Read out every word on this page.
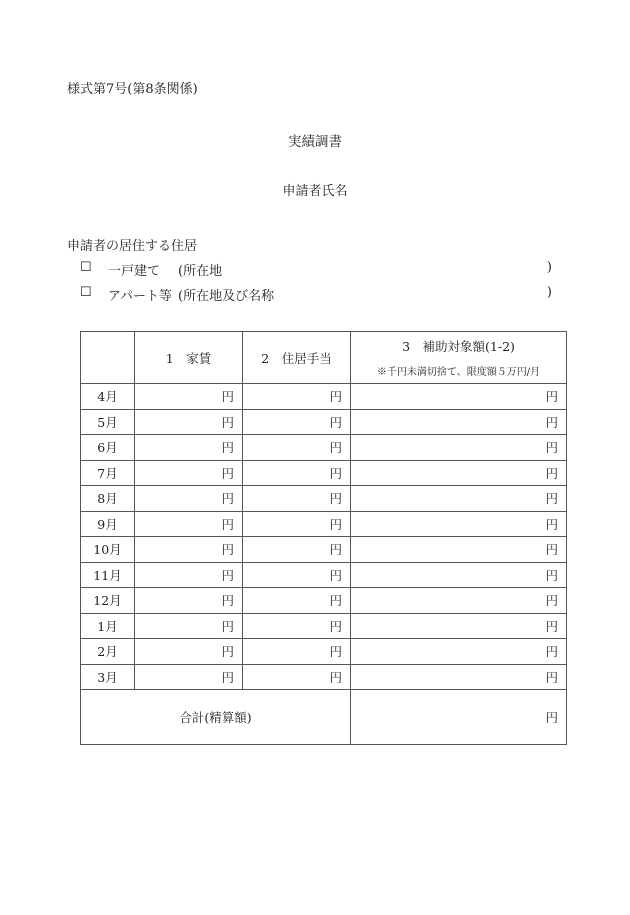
様式第7号(第8条関係)
実績調書
申請者氏名
申請者の居住する住居
☐ 一戸建て (所在地	)
☐ アパート等 (所在地及び名称	)
	1　家賃	2　住居手当	3　補助対象額(1-2)
※千円未満切捨て、限度額５万円/月

4月	円	円	円
5月	円	円	円
6月	円	円	円
7月	円	円	円
8月	円	円	円
9月	円	円	円
10月	円	円	円
11月	円	円	円
12月	円	円	円
1月	円	円	円
2月	円	円	円
3月	円	円	円
合計(精算額)			円
